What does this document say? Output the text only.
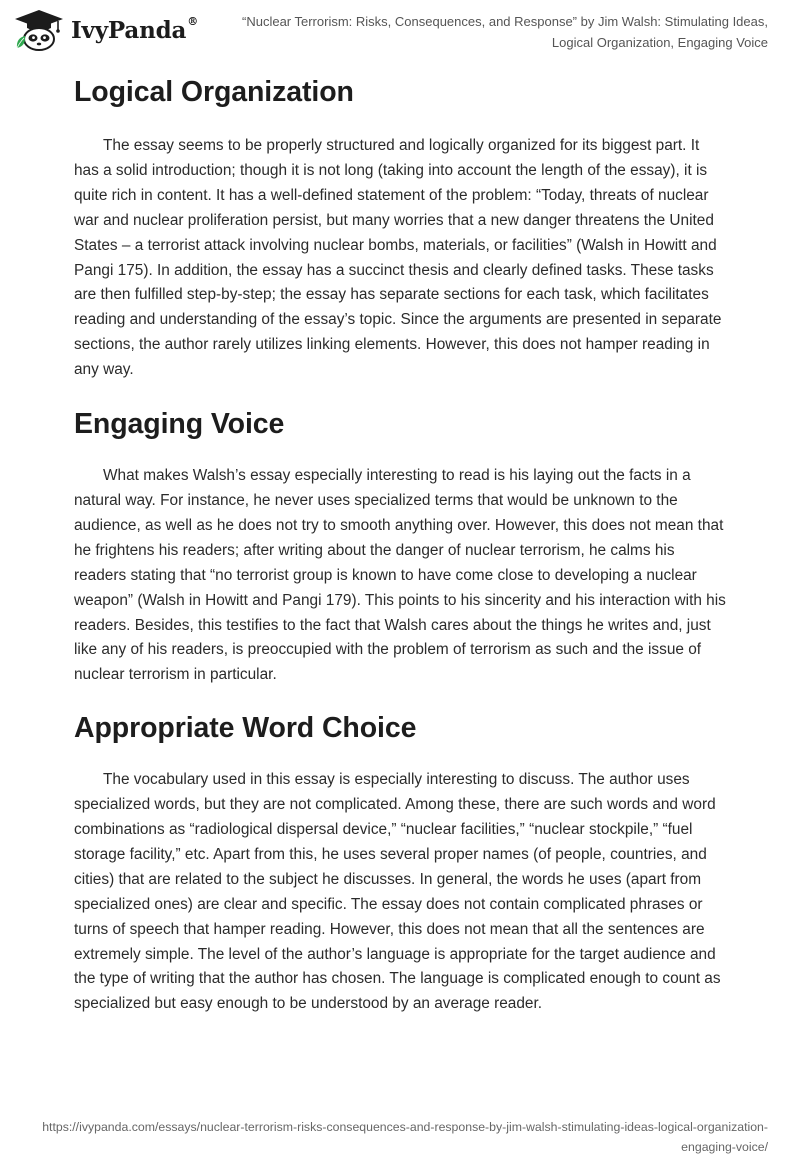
IvyPanda®	“Nuclear Terrorism: Risks, Consequences, and Response” by Jim Walsh: Stimulating Ideas, Logical Organization, Engaging Voice
Logical Organization

The essay seems to be properly structured and logically organized for its biggest part. It has a solid introduction; though it is not long (taking into account the length of the essay), it is quite rich in content. It has a well-defined statement of the problem: “Today, threats of nuclear war and nuclear proliferation persist, but many worries that a new danger threatens the United States – a terrorist attack involving nuclear bombs, materials, or facilities” (Walsh in Howitt and Pangi 175). In addition, the essay has a succinct thesis and clearly defined tasks. These tasks are then fulfilled step-by-step; the essay has separate sections for each task, which facilitates reading and understanding of the essay’s topic. Since the arguments are presented in separate sections, the author rarely utilizes linking elements. However, this does not hamper reading in any way.

Engaging Voice

What makes Walsh’s essay especially interesting to read is his laying out the facts in a natural way. For instance, he never uses specialized terms that would be unknown to the audience, as well as he does not try to smooth anything over. However, this does not mean that he frightens his readers; after writing about the danger of nuclear terrorism, he calms his readers stating that “no terrorist group is known to have come close to developing a nuclear weapon” (Walsh in Howitt and Pangi 179). This points to his sincerity and his interaction with his readers. Besides, this testifies to the fact that Walsh cares about the things he writes and, just like any of his readers, is preoccupied with the problem of terrorism as such and the issue of nuclear terrorism in particular.

Appropriate Word Choice

The vocabulary used in this essay is especially interesting to discuss. The author uses specialized words, but they are not complicated. Among these, there are such words and word combinations as “radiological dispersal device,” “nuclear facilities,” “nuclear stockpile,” “fuel storage facility,” etc. Apart from this, he uses several proper names (of people, countries, and cities) that are related to the subject he discusses. In general, the words he uses (apart from specialized ones) are clear and specific. The essay does not contain complicated phrases or turns of speech that hamper reading. However, this does not mean that all the sentences are extremely simple. The level of the author’s language is appropriate for the target audience and the type of writing that the author has chosen. The language is complicated enough to count as specialized but easy enough to be understood by an average reader.

https://ivypanda.com/essays/nuclear-terrorism-risks-consequences-and-response-by-jim-walsh-stimulating-ideas-logical-organization-engaging-voice/
